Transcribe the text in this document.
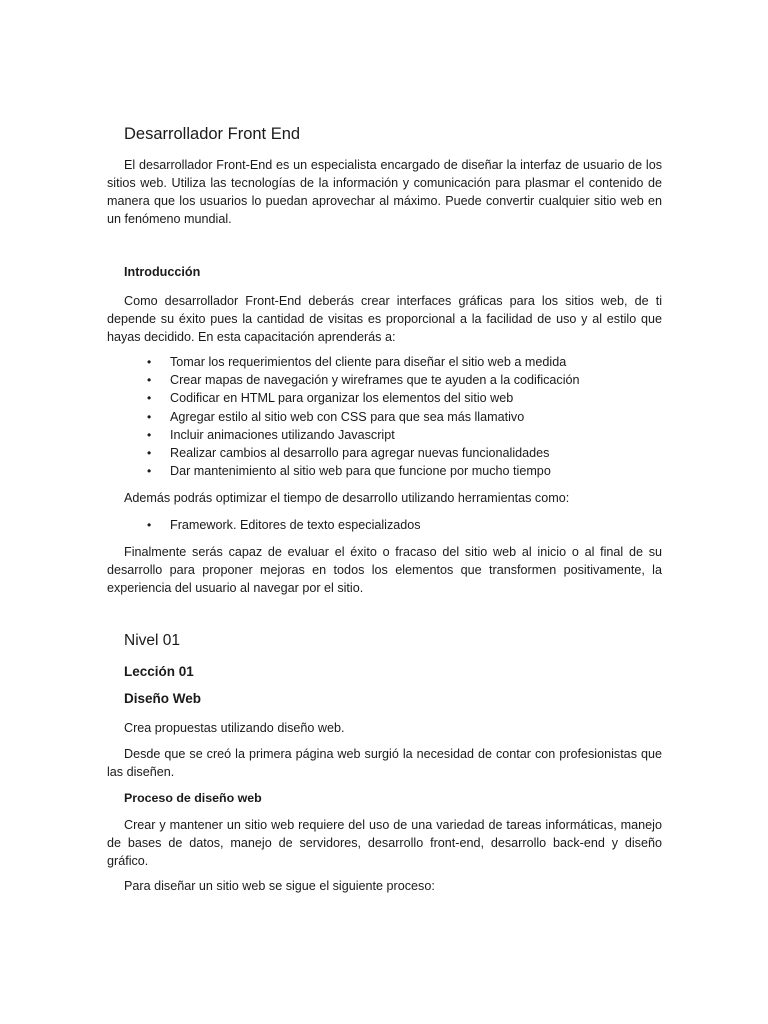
Desarrollador Front End

El desarrollador Front-End es un especialista encargado de diseñar la interfaz de usuario de los sitios web. Utiliza las tecnologías de la información y comunicación para plasmar el contenido de manera que los usuarios lo puedan aprovechar al máximo. Puede convertir cualquier sitio web en un fenómeno mundial.

Introducción

Como desarrollador Front-End deberás crear interfaces gráficas para los sitios web, de ti depende su éxito pues la cantidad de visitas es proporcional a la facilidad de uso y al estilo que hayas decidido. En esta capacitación aprenderás a:

• Tomar los requerimientos del cliente para diseñar el sitio web a medida
• Crear mapas de navegación y wireframes que te ayuden a la codificación
• Codificar en HTML para organizar los elementos del sitio web
• Agregar estilo al sitio web con CSS para que sea más llamativo
• Incluir animaciones utilizando Javascript
• Realizar cambios al desarrollo para agregar nuevas funcionalidades
• Dar mantenimiento al sitio web para que funcione por mucho tiempo

Además podrás optimizar el tiempo de desarrollo utilizando herramientas como:

• Framework. Editores de texto especializados

Finalmente serás capaz de evaluar el éxito o fracaso del sitio web al inicio o al final de su desarrollo para proponer mejoras en todos los elementos que transformen positivamente, la experiencia del usuario al navegar por el sitio.

Nivel 01
Lección 01
Diseño Web

Crea propuestas utilizando diseño web.

Desde que se creó la primera página web surgió la necesidad de contar con profesionistas que las diseñen.

Proceso de diseño web

Crear y mantener un sitio web requiere del uso de una variedad de tareas informáticas, manejo de bases de datos, manejo de servidores, desarrollo front-end, desarrollo back-end y diseño gráfico.

Para diseñar un sitio web se sigue el siguiente proceso:
